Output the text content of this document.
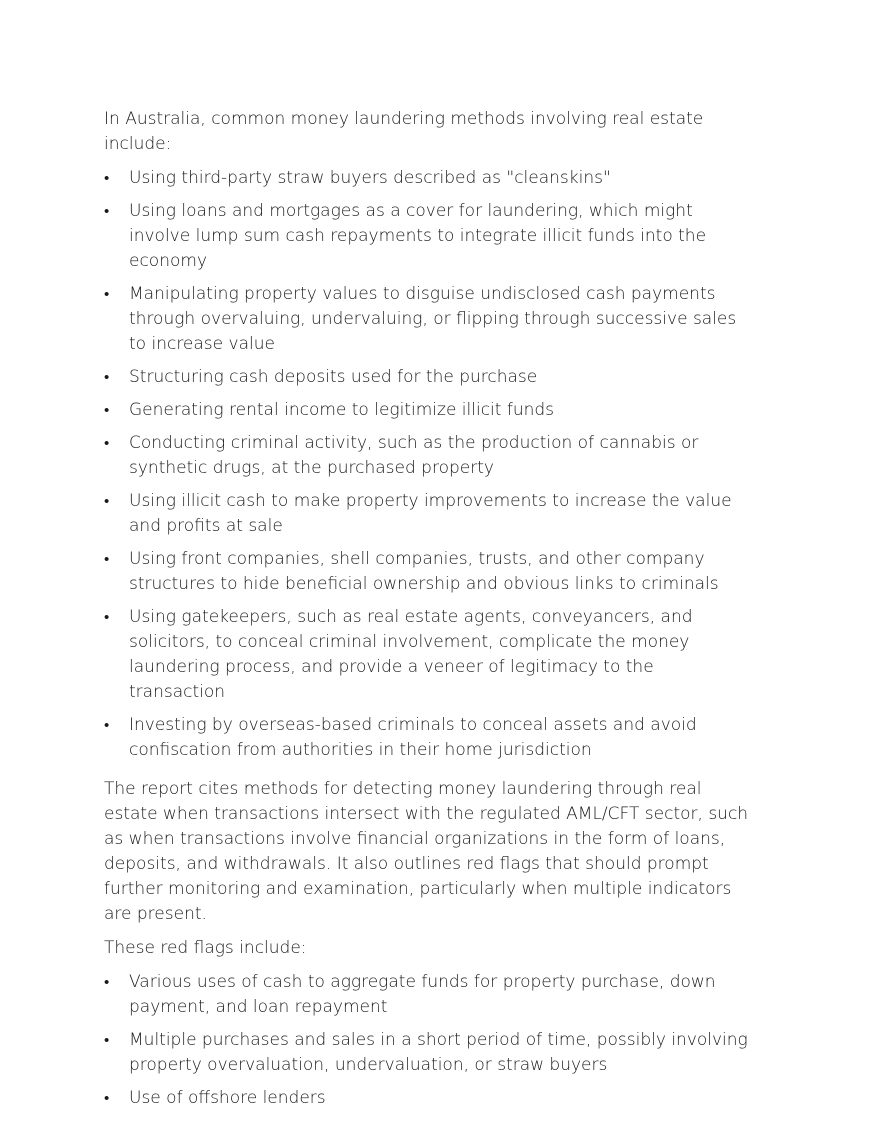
In Australia, common money laundering methods involving real estate include:

•	Using third-party straw buyers described as "cleanskins"
•	Using loans and mortgages as a cover for laundering, which might involve lump sum cash repayments to integrate illicit funds into the economy
•	Manipulating property values to disguise undisclosed cash payments through overvaluing, undervaluing, or flipping through successive sales to increase value
•	Structuring cash deposits used for the purchase
•	Generating rental income to legitimize illicit funds
•	Conducting criminal activity, such as the production of cannabis or synthetic drugs, at the purchased property
•	Using illicit cash to make property improvements to increase the value and profits at sale
•	Using front companies, shell companies, trusts, and other company structures to hide beneficial ownership and obvious links to criminals
•	Using gatekeepers, such as real estate agents, conveyancers, and solicitors, to conceal criminal involvement, complicate the money laundering process, and provide a veneer of legitimacy to the transaction
•	Investing by overseas-based criminals to conceal assets and avoid confiscation from authorities in their home jurisdiction

The report cites methods for detecting money laundering through real estate when transactions intersect with the regulated AML/CFT sector, such as when transactions involve financial organizations in the form of loans, deposits, and withdrawals. It also outlines red flags that should prompt further monitoring and examination, particularly when multiple indicators are present.

These red flags include:

•	Various uses of cash to aggregate funds for property purchase, down payment, and loan repayment
•	Multiple purchases and sales in a short period of time, possibly involving property overvaluation, undervaluation, or straw buyers
•	Use of offshore lenders
